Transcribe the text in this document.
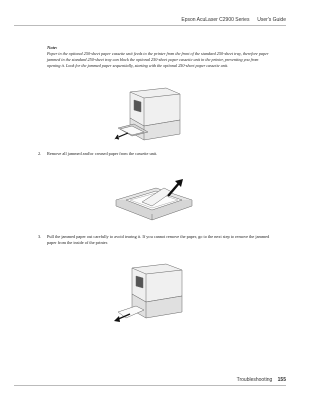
Epson AcuLaser C2900 Series User's Guide
Note:
Paper in the optional 250-sheet paper cassette unit feeds to the printer from the front of the standard 250-sheet tray, therefore paper jammed in the standard 250-sheet tray can block the optional 250-sheet paper cassette unit in the printer, preventing you from opening it. Look for the jammed paper sequentially, starting with the optional 250-sheet paper cassette unit.
2.	Remove all jammed and/or creased paper from the cassette unit.
3.	Pull the jammed paper out carefully to avoid tearing it. If you cannot remove the paper, go to the next step to remove the jammed paper from the inside of the printer.
Troubleshooting 155
